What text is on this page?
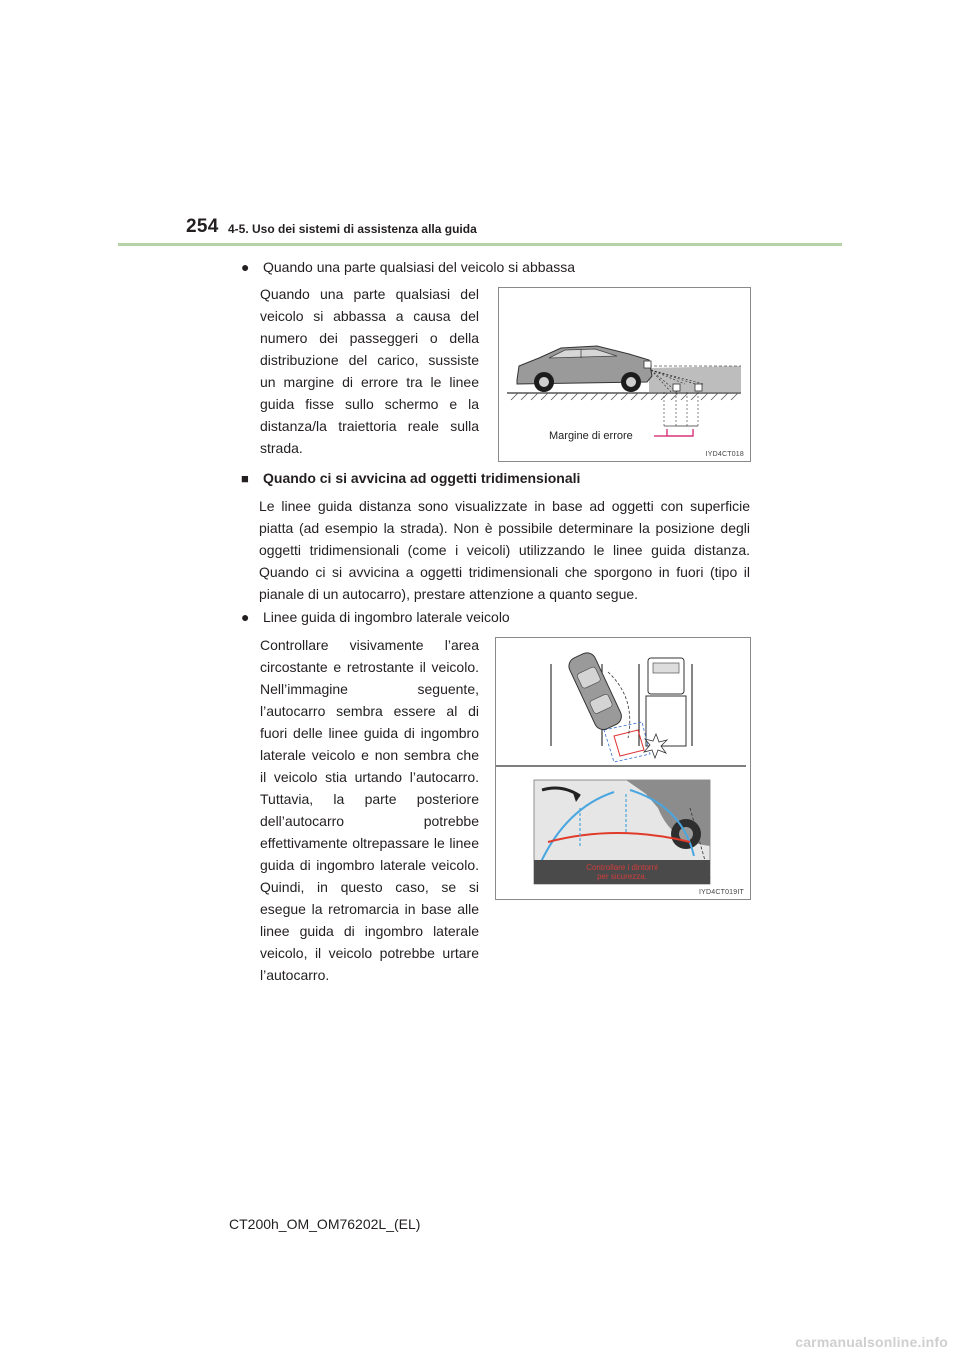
254 4-5. Uso dei sistemi di assistenza alla guida
● Quando una parte qualsiasi del veicolo si abbassa
Quando una parte qualsiasi del veicolo si abbassa a causa del numero dei passeggeri o della distribuzione del carico, sussiste un margine di errore tra le linee guida fisse sullo schermo e la distanza/la traiettoria reale sulla strada.
Margine di errore
IYD4CT018
■ Quando ci si avvicina ad oggetti tridimensionali
Le linee guida distanza sono visualizzate in base ad oggetti con superficie piatta (ad esempio la strada). Non è possibile determinare la posizione degli oggetti tridimensionali (come i veicoli) utilizzando le linee guida distanza. Quando ci si avvicina a oggetti tridimensionali che sporgono in fuori (tipo il pianale di un autocarro), prestare attenzione a quanto segue.
● Linee guida di ingombro laterale veicolo
Controllare visivamente l’area circostante e retrostante il veicolo. Nell’immagine seguente, l’autocarro sembra essere al di fuori delle linee guida di ingombro laterale veicolo e non sembra che il veicolo stia urtando l’autocarro. Tuttavia, la parte posteriore dell’autocarro potrebbe effettivamente oltrepassare le linee guida di ingombro laterale veicolo. Quindi, in questo caso, se si esegue la retromarcia in base alle linee guida di ingombro laterale veicolo, il veicolo potrebbe urtare l’autocarro.
Controllare i dintorni
per sicurezza.
IYD4CT019IT
CT200h_OM_OM76202L_(EL)
carmanualsonline.info
